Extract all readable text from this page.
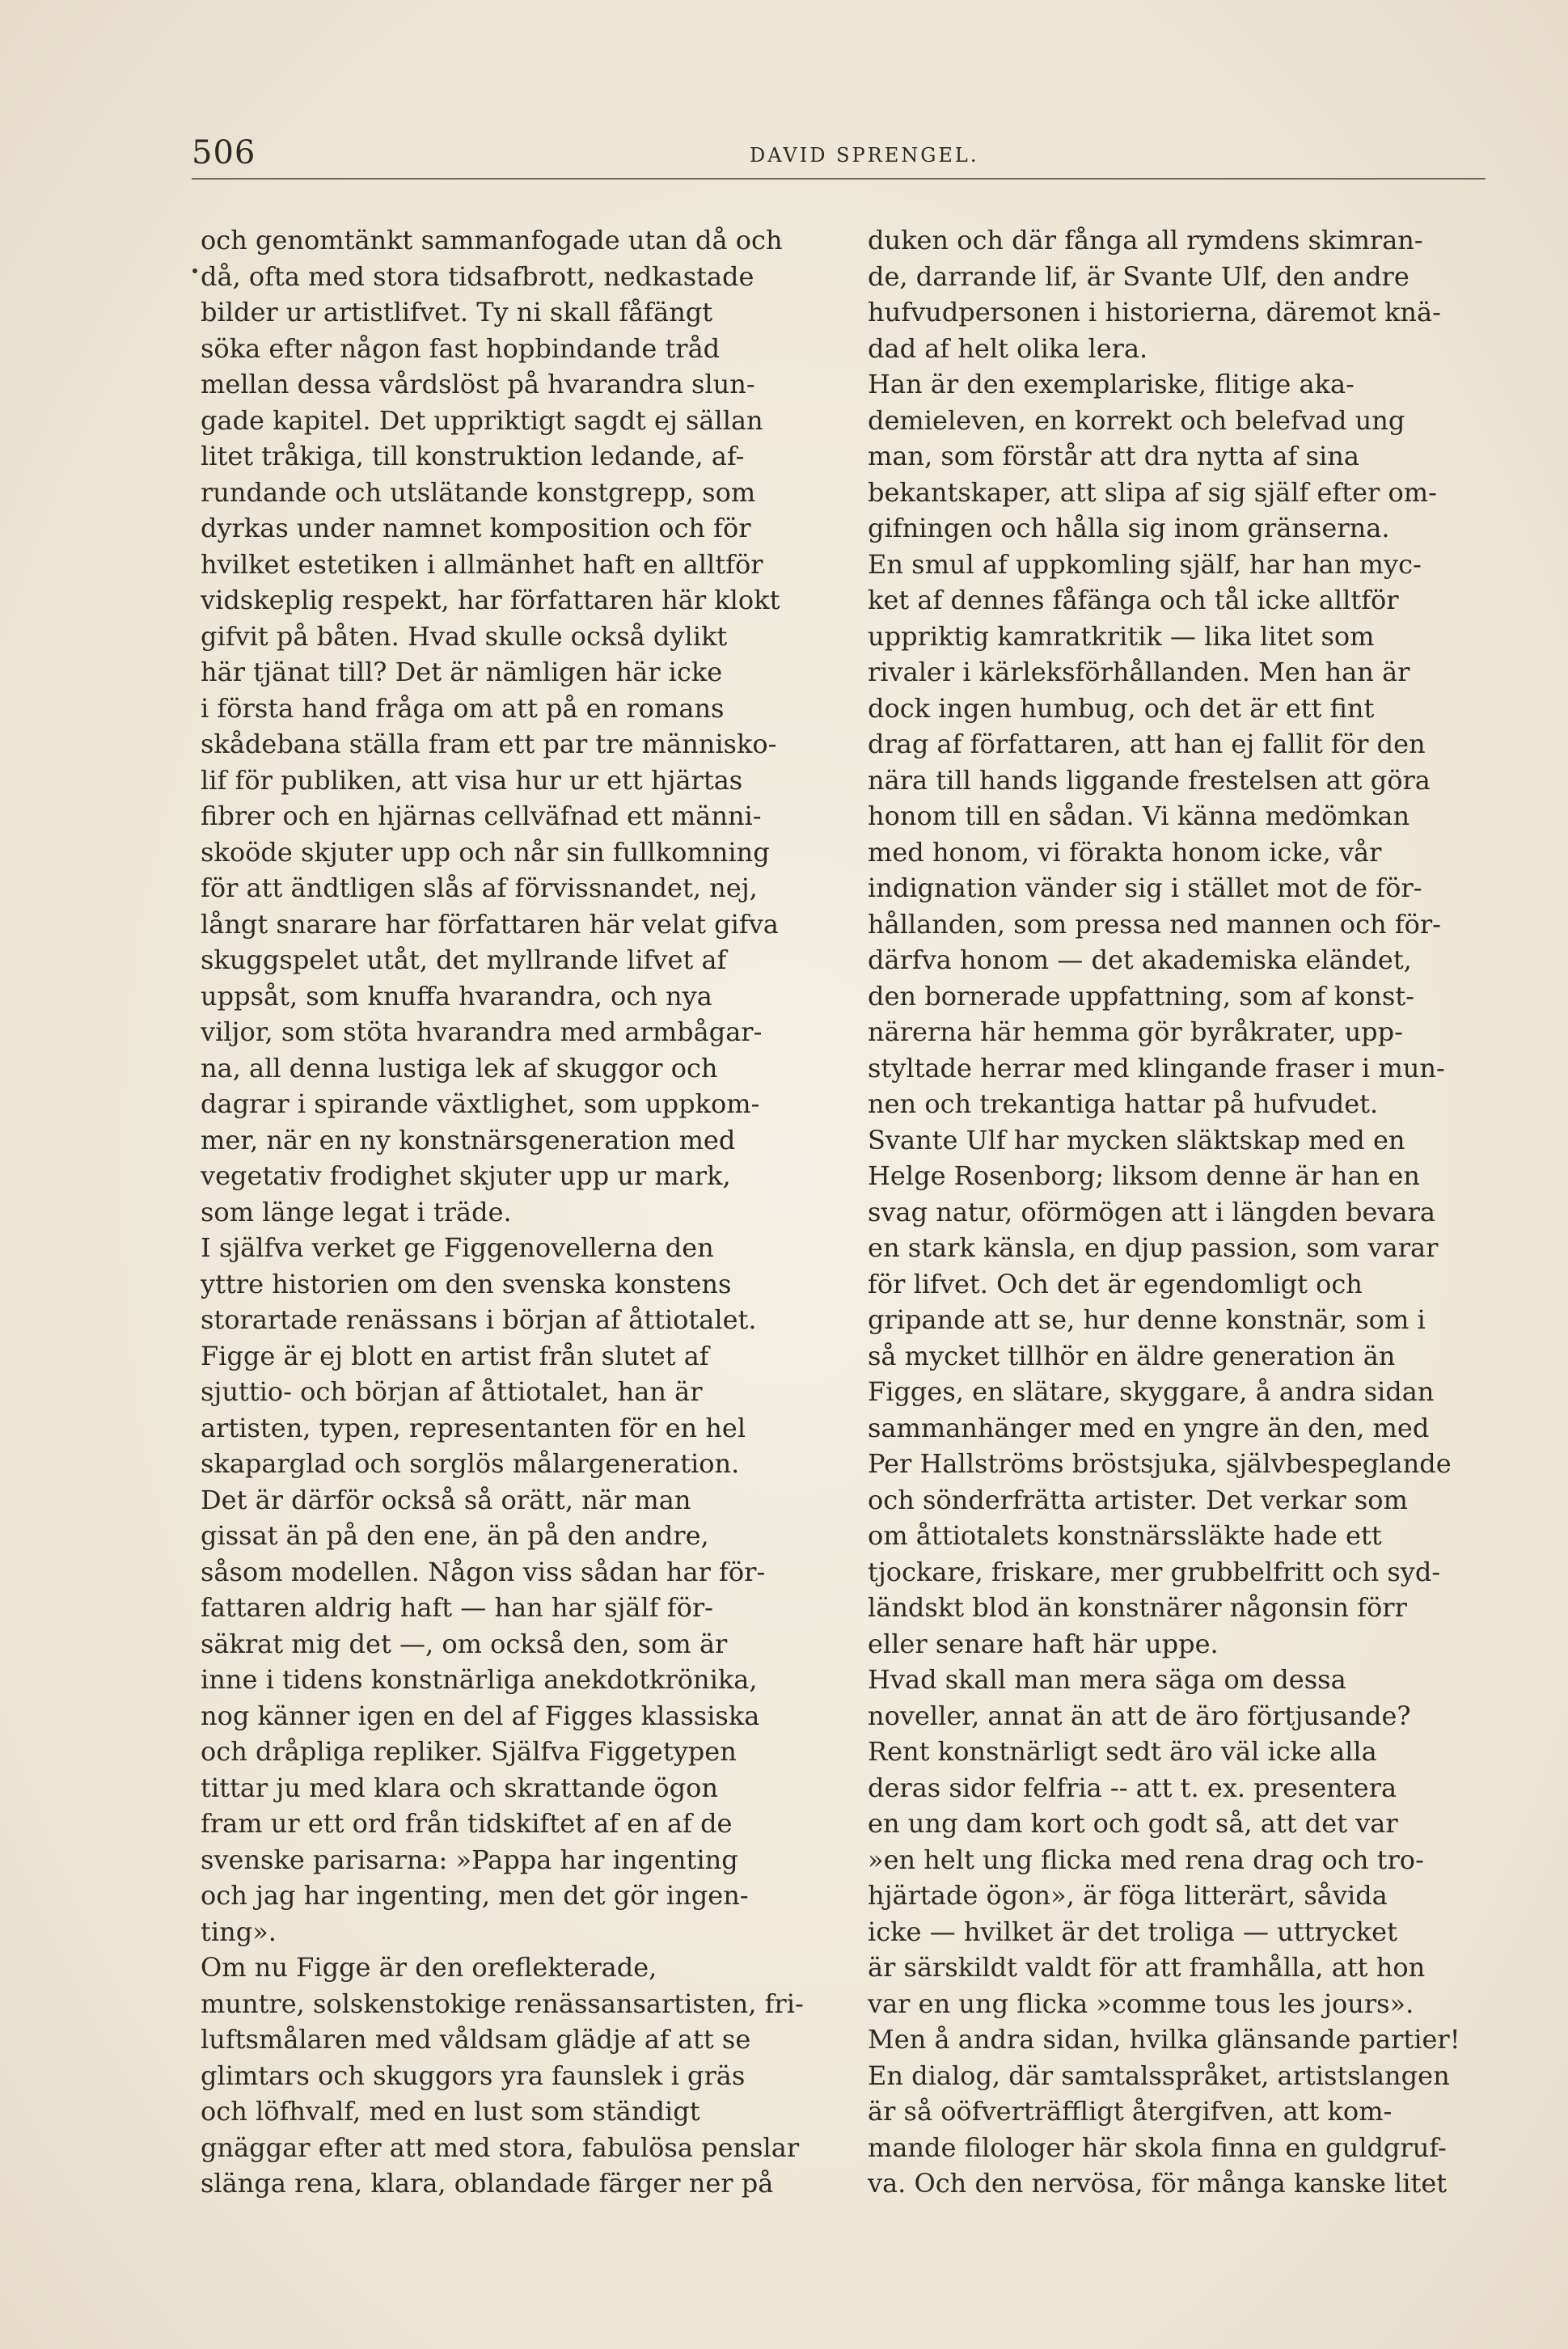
506	DAVID SPRENGEL.
och genomtänkt sammanfogade utan då och
då, ofta med stora tidsafbrott, nedkastade
bilder ur artistlifvet. Ty ni skall fåfängt
söka efter någon fast hopbindande tråd
mellan dessa vårdslöst på hvarandra slun-
gade kapitel. Det uppriktigt sagdt ej sällan
litet tråkiga, till konstruktion ledande, af-
rundande och utslätande konstgrepp, som
dyrkas under namnet komposition och för
hvilket estetiken i allmänhet haft en alltför
vidskeplig respekt, har författaren här klokt
gifvit på båten. Hvad skulle också dylikt
här tjänat till? Det är nämligen här icke
i första hand fråga om att på en romans
skådebana ställa fram ett par tre människo-
lif för publiken, att visa hur ur ett hjärtas
fibrer och en hjärnas cellväfnad ett männi-
skoöde skjuter upp och når sin fullkomning
för att ändtligen slås af förvissnandet, nej,
långt snarare har författaren här velat gifva
skuggspelet utåt, det myllrande lifvet af
uppsåt, som knuffa hvarandra, och nya
viljor, som stöta hvarandra med armbågar-
na, all denna lustiga lek af skuggor och
dagrar i spirande växtlighet, som uppkom-
mer, när en ny konstnärsgeneration med
vegetativ frodighet skjuter upp ur mark,
som länge legat i träde.
I själfva verket ge Figgenovellerna den
yttre historien om den svenska konstens
storartade renässans i början af åttiotalet.
Figge är ej blott en artist från slutet af
sjuttio- och början af åttiotalet, han är
artisten, typen, representanten för en hel
skaparglad och sorglös målargeneration.
Det är därför också så orätt, när man
gissat än på den ene, än på den andre,
såsom modellen. Någon viss sådan har för-
fattaren aldrig haft — han har själf för-
säkrat mig det —, om också den, som är
inne i tidens konstnärliga anekdotkrönika,
nog känner igen en del af Figges klassiska
och dråpliga repliker. Själfva Figgetypen
tittar ju med klara och skrattande ögon
fram ur ett ord från tidskiftet af en af de
svenske parisarna: »Pappa har ingenting
och jag har ingenting, men det gör ingen-
ting».
Om nu Figge är den oreflekterade,
muntre, solskenstokige renässansartisten, fri-
luftsmålaren med våldsam glädje af att se
glimtars och skuggors yra faunslek i gräs
och löfhvalf, med en lust som ständigt
gnäggar efter att med stora, fabulösa penslar
slänga rena, klara, oblandade färger ner på
duken och där fånga all rymdens skimran-
de, darrande lif, är Svante Ulf, den andre
hufvudpersonen i historierna, däremot knä-
dad af helt olika lera.
Han är den exemplariske, flitige aka-
demieleven, en korrekt och belefvad ung
man, som förstår att dra nytta af sina
bekantskaper, att slipa af sig själf efter om-
gifningen och hålla sig inom gränserna.
En smul af uppkomling själf, har han myc-
ket af dennes fåfänga och tål icke alltför
uppriktig kamratkritik — lika litet som
rivaler i kärleksförhållanden. Men han är
dock ingen humbug, och det är ett fint
drag af författaren, att han ej fallit för den
nära till hands liggande frestelsen att göra
honom till en sådan. Vi känna medömkan
med honom, vi förakta honom icke, vår
indignation vänder sig i stället mot de för-
hållanden, som pressa ned mannen och för-
därfva honom — det akademiska eländet,
den bornerade uppfattning, som af konst-
närerna här hemma gör byråkrater, upp-
styltade herrar med klingande fraser i mun-
nen och trekantiga hattar på hufvudet.
Svante Ulf har mycken släktskap med en
Helge Rosenborg; liksom denne är han en
svag natur, oförmögen att i längden bevara
en stark känsla, en djup passion, som varar
för lifvet. Och det är egendomligt och
gripande att se, hur denne konstnär, som i
så mycket tillhör en äldre generation än
Figges, en slätare, skyggare, å andra sidan
sammanhänger med en yngre än den, med
Per Hallströms bröstsjuka, självbespeglande
och sönderfrätta artister. Det verkar som
om åttiotalets konstnärssläkte hade ett
tjockare, friskare, mer grubbelfritt och syd-
ländskt blod än konstnärer någonsin förr
eller senare haft här uppe.
Hvad skall man mera säga om dessa
noveller, annat än att de äro förtjusande?
Rent konstnärligt sedt äro väl icke alla
deras sidor felfria -- att t. ex. presentera
en ung dam kort och godt så, att det var
»en helt ung flicka med rena drag och tro-
hjärtade ögon», är föga litterärt, såvida
icke — hvilket är det troliga — uttrycket
är särskildt valdt för att framhålla, att hon
var en ung flicka »comme tous les jours».
Men å andra sidan, hvilka glänsande partier!
En dialog, där samtalsspråket, artistslangen
är så oöfverträffligt återgifven, att kom-
mande filologer här skola finna en guldgruf-
va. Och den nervösa, för många kanske litet
